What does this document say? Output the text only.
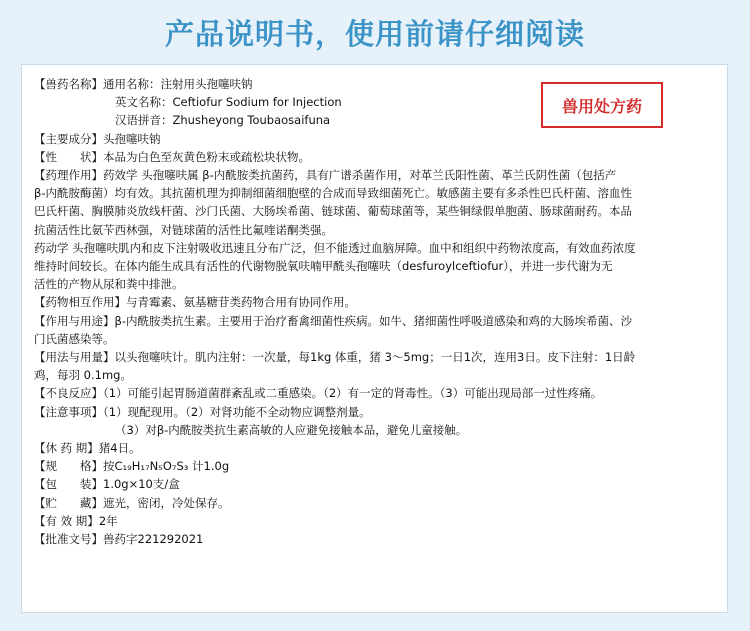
产品说明书，使用前请仔细阅读
兽用处方药
【兽药名称】通用名称：注射用头孢噻呋钠
英文名称：Ceftiofur Sodium for Injection
汉语拼音：Zhusheyong Toubaosaifuna
【主要成分】头孢噻呋钠
【性　　状】本品为白色至灰黄色粉末或疏松块状物。
【药理作用】药效学 头孢噻呋属 β-内酰胺类抗菌药，具有广谱杀菌作用，对革兰氏阳性菌、革兰氏阴性菌（包括产
β-内酰胺酶菌）均有效。其抗菌机理为抑制细菌细胞壁的合成而导致细菌死亡。敏感菌主要有多杀性巴氏杆菌、溶血性
巴氏杆菌、胸膜肺炎放线杆菌、沙门氏菌、大肠埃希菌、链球菌、葡萄球菌等，某些铜绿假单胞菌、肠球菌耐药。本品
抗菌活性比氨苄西林强，对链球菌的活性比氟喹诺酮类强。
药动学 头孢噻呋肌内和皮下注射吸收迅速且分布广泛，但不能透过血脑屏障。血中和组织中药物浓度高，有效血药浓度
维持时间较长。在体内能生成具有活性的代谢物脱氧呋喃甲酰头孢噻呋（desfuroylceftiofur），并进一步代谢为无
活性的产物从尿和粪中排泄。
【药物相互作用】与青霉素、氨基糖苷类药物合用有协同作用。
【作用与用途】β-内酰胺类抗生素。主要用于治疗畜禽细菌性疾病。如牛、猪细菌性呼吸道感染和鸡的大肠埃希菌、沙
门氏菌感染等。
【用法与用量】以头孢噻呋计。肌内注射：一次量，每1kg 体重，猪 3～5mg；一日1次，连用3日。皮下注射：1日龄
鸡，每羽 0.1mg。
【不良反应】（1）可能引起胃肠道菌群紊乱或二重感染。（2）有一定的肾毒性。（3）可能出现局部一过性疼痛。
【注意事项】（1）现配现用。（2）对肾功能不全动物应调整剂量。
（3）对β-内酰胺类抗生素高敏的人应避免接触本品，避免儿童接触。
【休 药 期】猪4日。
【规　　格】按C₁₉H₁₇N₅O₇S₃ 计1.0g
【包　　装】1.0g×10支/盒
【贮　　藏】遮光，密闭，冷处保存。
【有 效 期】2年
【批准文号】兽药字221292021
